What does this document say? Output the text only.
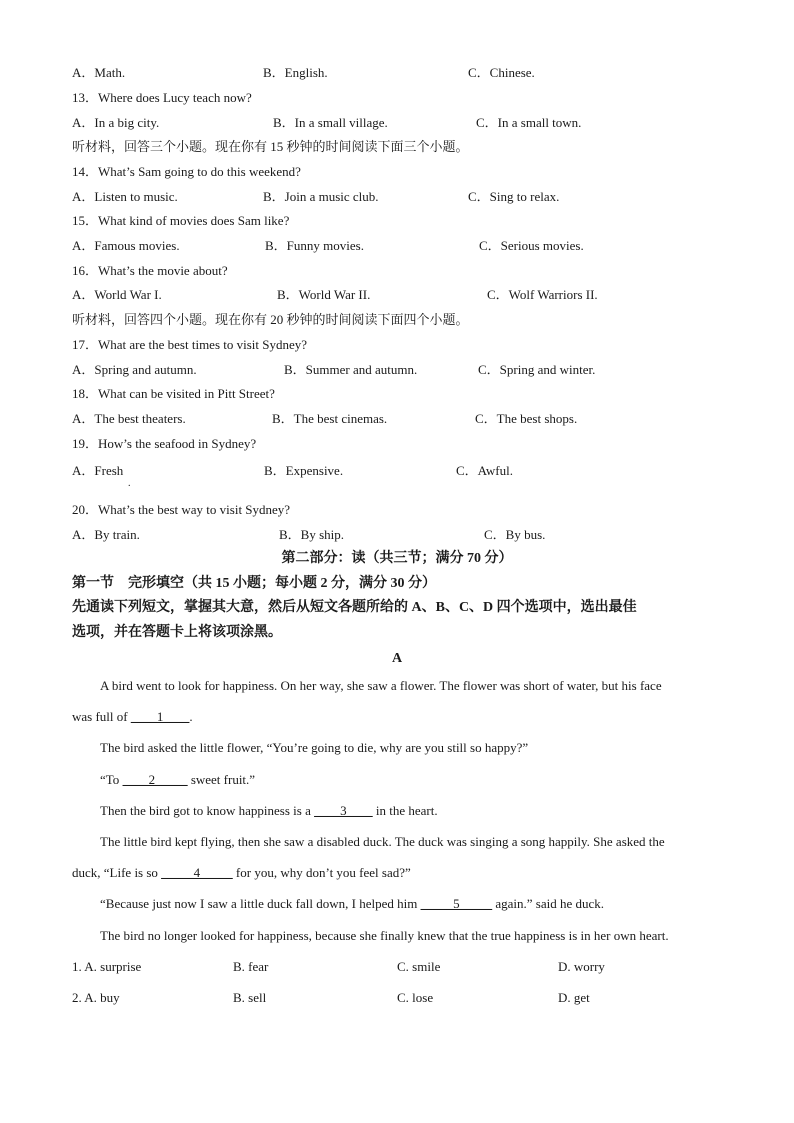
A．Math.	B．English.	C．Chinese.
13．Where does Lucy teach now?
A．In a big city.	B．In a small village.	C．In a small town.
听材料，回答三个小题。现在你有 15 秒钟的时间阅读下面三个小题。
14．What’s Sam going to do this weekend?
A．Listen to music.	B．Join a music club.	C．Sing to relax.
15．What kind of movies does Sam like?
A．Famous movies.	B．Funny movies.	C．Serious movies.
16．What’s the movie about?
A．World War I.	B．World War II.	C．Wolf Warriors II.
听材料，回答四个小题。现在你有 20 秒钟的时间阅读下面四个小题。
17．What are the best times to visit Sydney?
A．Spring and autumn.	B．Summer and autumn.	C．Spring and winter.
18．What can be visited in Pitt Street?
A．The best theaters.	B．The best cinemas.	C．The best shops.
19．How’s the seafood in Sydney?
A．Fresh
.
B．Expensive.	C．Awful.
20．What’s the best way to visit Sydney?
A．By train.	B．By ship.	C．By bus.
第二部分：读（共三节；满分 70 分）
第一节　完形填空（共 15 小题；每小题 2 分，满分 30 分）
先通读下列短文，掌握其大意，然后从短文各题所给的 A、B、C、D 四个选项中，选出最佳
选项，并在答题卡上将该项涂黑。
A
A bird went to look for happiness. On her way, she saw a flower. The flower was short of water, but his face
was full of ____1____.
The bird asked the little flower, “You’re going to die, why are you still so happy?”
“To ____2_____ sweet fruit.”
Then the bird got to know happiness is a ____3____ in the heart.
The little bird kept flying, then she saw a disabled duck. The duck was singing a song happily. She asked the
duck, “Life is so _____4_____ for you, why don’t you feel sad?”
“Because just now I saw a little duck fall down, I helped him _____5_____ again.” said he duck.
The bird no longer looked for happiness, because she finally knew that the true happiness is in her own heart.
1. A. surprise	B. fear	C. smile	D. worry
2. A. buy	B. sell	C. lose	D. get
